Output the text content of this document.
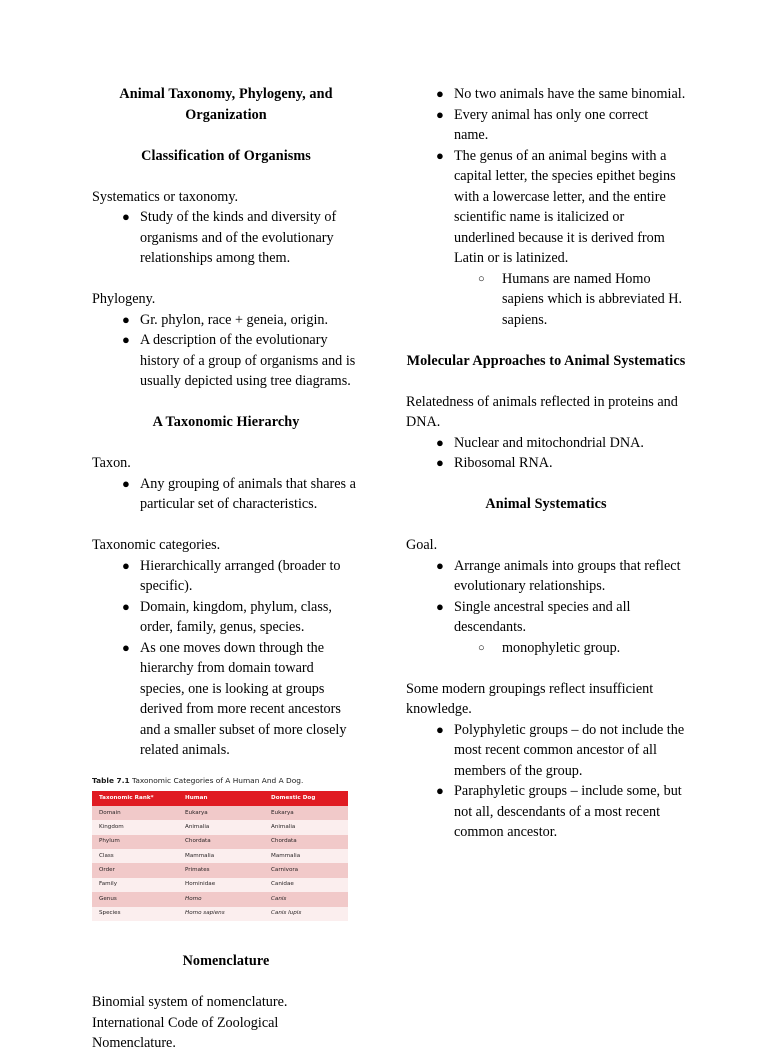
Animal Taxonomy, Phylogeny, and Organization
Classification of Organisms

Systematics or taxonomy.

● Study of the kinds and diversity of organisms and of the evolutionary relationships among them.

Phylogeny.

● Gr. phylon, race + geneia, origin.
● A description of the evolutionary history of a group of organisms and is usually depicted using tree diagrams.
A Taxonomic Hierarchy

Taxon.

● Any grouping of animals that shares a particular set of characteristics.

Taxonomic categories.

● Hierarchically arranged (broader to specific).
● Domain, kingdom, phylum, class, order, family, genus, species.
● As one moves down through the hierarchy from domain toward species, one is looking at groups derived from more recent ancestors and a smaller subset of more closely related animals.

Table 7.1 Taxonomic Categories of A Human And A Dog.

Taxonomic Rank*	Human	Domestic Dog
Domain	Eukarya	Eukarya
Kingdom	Animalia	Animalia
Phylum	Chordata	Chordata
Class	Mammalia	Mammalia
Order	Primates	Carnivora
Family	Hominidae	Canidae
Genus	Homo	Canis
Species	Homo sapiens	Canis lupis
Nomenclature

Binomial system of nomenclature.

International Code of Zoological Nomenclature.

● No two animals have the same binomial.
● Every animal has only one correct name.
● The genus of an animal begins with a capital letter, the species epithet begins with a lowercase letter, and the entire scientific name is italicized or underlined because it is derived from Latin or is latinized.
○ Humans are named Homo sapiens which is abbreviated H. sapiens.
Molecular Approaches to Animal Systematics

Relatedness of animals reflected in proteins and DNA.

● Nuclear and mitochondrial DNA.
● Ribosomal RNA.
Animal Systematics

Goal.

● Arrange animals into groups that reflect evolutionary relationships.
● Single ancestral species and all descendants.
○ monophyletic group.

Some modern groupings reflect insufficient knowledge.

● Polyphyletic groups – do not include the most recent common ancestor of all members of the group.
● Paraphyletic groups – include some, but not all, descendants of a most recent common ancestor.
